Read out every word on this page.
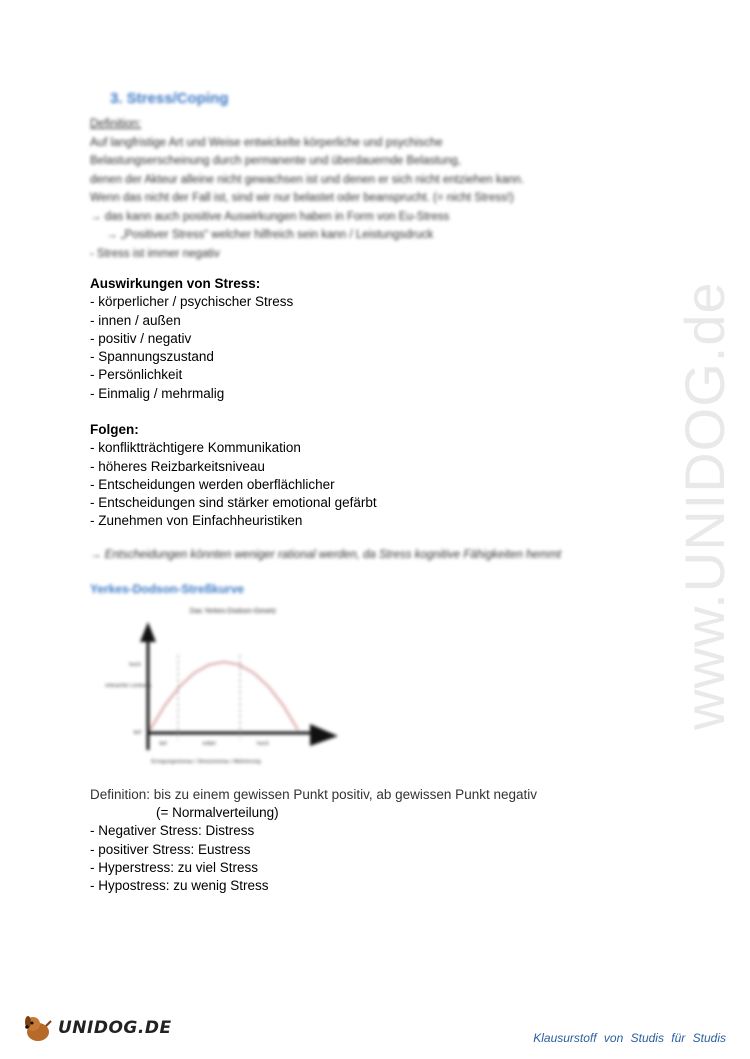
www.UNIDOG.de
3. Stress/Coping
Definition:
Auf langfristige Art und Weise entwickelte körperliche und psychische
Belastungserscheinung durch permanente und überdauernde Belastung,
denen der Akteur alleine nicht gewachsen ist und denen er sich nicht entziehen kann.
Wenn das nicht der Fall ist, sind wir nur belastet oder beansprucht. (= nicht Stress!)
→ das kann auch positive Auswirkungen haben in Form von Eu-Stress
→ „Positiver Stress“ welcher hilfreich sein kann / Leistungsdruck
- Stress ist immer negativ
Auswirkungen von Stress:
- körperlicher / psychischer Stress
- innen / außen
- positiv / negativ
- Spannungszustand
- Persönlichkeit
- Einmalig / mehrmalig
Folgen:
- konfliktträchtigere Kommunikation
- höheres Reizbarkeitsniveau
- Entscheidungen werden oberflächlicher
- Entscheidungen sind stärker emotional gefärbt
- Zunehmen von Einfachheuristiken
→ Entscheidungen könnten weniger rational werden, da Stress kognitive Fähigkeiten hemmt
Yerkes-Dodson-Streßkurve
Das Yerkes-Dodson-Gesetz
erbrachte Leistung
hoch
tief
tief	mittel	hoch
Erregungsniveau / Stressniveau / Aktivierung
Definition: bis zu einem gewissen Punkt positiv, ab gewissen Punkt negativ
(= Normalverteilung)
- Negativer Stress: Distress
- positiver Stress: Eustress
- Hyperstress: zu viel Stress
- Hypostress: zu wenig Stress
UNIDOG.DE	Klausurstoff von Studis für Studis
